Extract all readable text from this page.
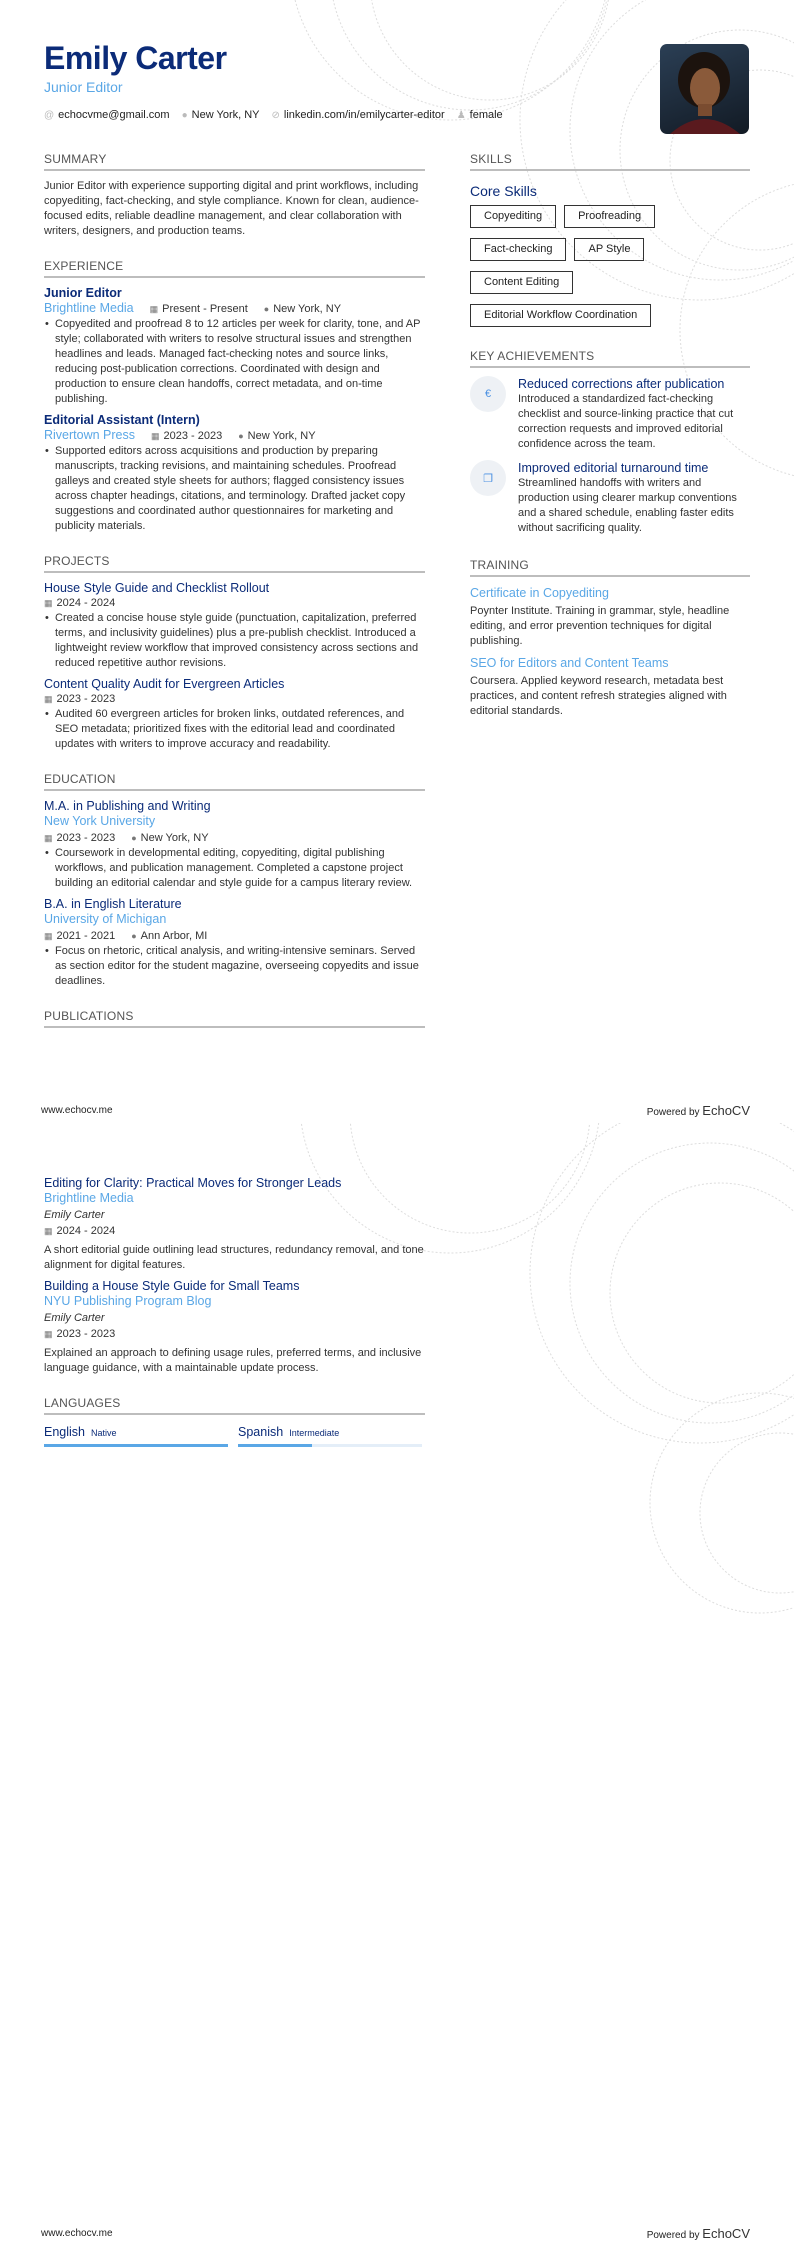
Emily Carter
Junior Editor
@ echocvme@gmail.com ● New York, NY ⊘ linkedin.com/in/emilycarter-editor ♟ female
SUMMARY
Junior Editor with experience supporting digital and print workflows, including copyediting, fact-checking, and style compliance. Known for clean, audience-focused edits, reliable deadline management, and clear collaboration with writers, designers, and production teams.
EXPERIENCE
Junior Editor
Brightline Media ▦ Present - Present ● New York, NY
• Copyedited and proofread 8 to 12 articles per week for clarity, tone, and AP style; collaborated with writers to resolve structural issues and strengthen headlines and leads. Managed fact-checking notes and source links, reducing post-publication corrections. Coordinated with design and production to ensure clean handoffs, correct metadata, and on-time publishing.
Editorial Assistant (Intern)
Rivertown Press ▦ 2023 - 2023 ● New York, NY
• Supported editors across acquisitions and production by preparing manuscripts, tracking revisions, and maintaining schedules. Proofread galleys and created style sheets for authors; flagged consistency issues across chapter headings, citations, and terminology. Drafted jacket copy suggestions and coordinated author questionnaires for marketing and publicity materials.
PROJECTS
House Style Guide and Checklist Rollout
▦ 2024 - 2024
• Created a concise house style guide (punctuation, capitalization, preferred terms, and inclusivity guidelines) plus a pre-publish checklist. Introduced a lightweight review workflow that improved consistency across sections and reduced repetitive author revisions.
Content Quality Audit for Evergreen Articles
▦ 2023 - 2023
• Audited 60 evergreen articles for broken links, outdated references, and SEO metadata; prioritized fixes with the editorial lead and coordinated updates with writers to improve accuracy and readability.
EDUCATION
M.A. in Publishing and Writing
New York University
▦ 2023 - 2023 ● New York, NY
• Coursework in developmental editing, copyediting, digital publishing workflows, and publication management. Completed a capstone project building an editorial calendar and style guide for a campus literary review.
B.A. in English Literature
University of Michigan
▦ 2021 - 2021 ● Ann Arbor, MI
• Focus on rhetoric, critical analysis, and writing-intensive seminars. Served as section editor for the student magazine, overseeing copyedits and issue deadlines.
PUBLICATIONS
SKILLS
Core Skills
Copyediting	Proofreading
Fact-checking	AP Style
Content Editing
Editorial Workflow Coordination
KEY ACHIEVEMENTS
€
Reduced corrections after publication
Introduced a standardized fact-checking checklist and source-linking practice that cut correction requests and improved editorial confidence across the team.
❐
Improved editorial turnaround time
Streamlined handoffs with writers and production using clearer markup conventions and a shared schedule, enabling faster edits without sacrificing quality.
TRAINING
Certificate in Copyediting
Poynter Institute. Training in grammar, style, headline editing, and error prevention techniques for digital publishing.
SEO for Editors and Content Teams
Coursera. Applied keyword research, metadata best practices, and content refresh strategies aligned with editorial standards.
www.echocv.me	Powered by EchoCV
Editing for Clarity: Practical Moves for Stronger Leads
Brightline Media
Emily Carter
▦ 2024 - 2024
A short editorial guide outlining lead structures, redundancy removal, and tone alignment for digital features.
Building a House Style Guide for Small Teams
NYU Publishing Program Blog
Emily Carter
▦ 2023 - 2023
Explained an approach to defining usage rules, preferred terms, and inclusive language guidance, with a maintainable update process.
LANGUAGES
English Native	Spanish Intermediate
www.echocv.me	Powered by EchoCV
